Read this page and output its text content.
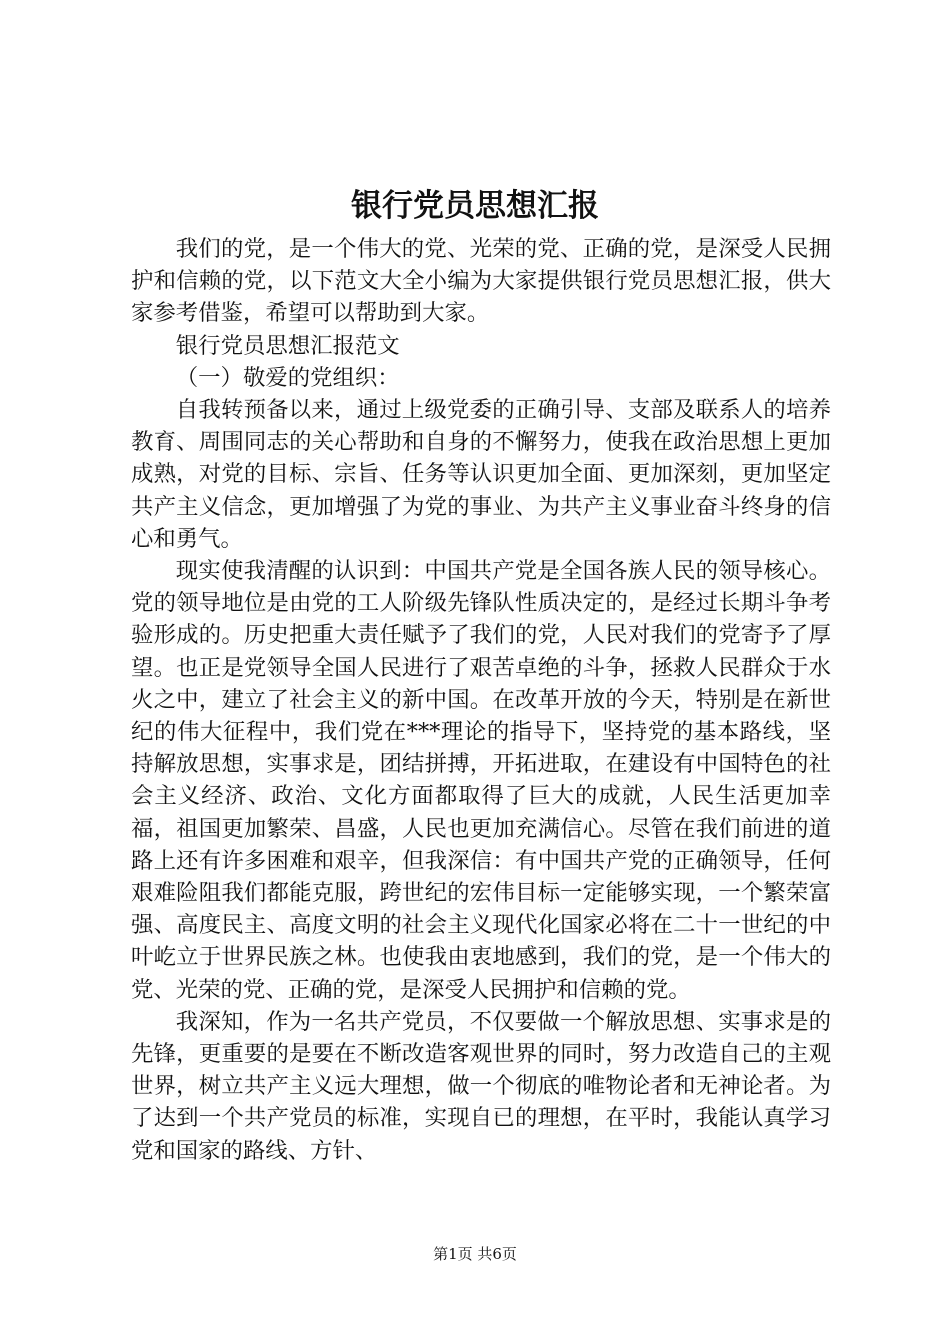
银行党员思想汇报

我们的党，是一个伟大的党、光荣的党、正确的党，是深受人民拥护和信赖的党，以下范文大全小编为大家提供银行党员思想汇报，供大家参考借鉴，希望可以帮助到大家。

银行党员思想汇报范文

（一）敬爱的党组织：

自我转预备以来，通过上级党委的正确引导、支部及联系人的培养教育、周围同志的关心帮助和自身的不懈努力，使我在政治思想上更加成熟，对党的目标、宗旨、任务等认识更加全面、更加深刻，更加坚定共产主义信念，更加增强了为党的事业、为共产主义事业奋斗终身的信心和勇气。

现实使我清醒的认识到：中国共产党是全国各族人民的领导核心。党的领导地位是由党的工人阶级先锋队性质决定的，是经过长期斗争考验形成的。历史把重大责任赋予了我们的党，人民对我们的党寄予了厚望。也正是党领导全国人民进行了艰苦卓绝的斗争，拯救人民群众于水火之中，建立了社会主义的新中国。在改革开放的今天，特别是在新世纪的伟大征程中，我们党在***理论的指导下，坚持党的基本路线，坚持解放思想，实事求是，团结拼搏，开拓进取，在建设有中国特色的社会主义经济、政治、文化方面都取得了巨大的成就，人民生活更加幸福，祖国更加繁荣、昌盛，人民也更加充满信心。尽管在我们前进的道路上还有许多困难和艰辛，但我深信：有中国共产党的正确领导，任何艰难险阻我们都能克服，跨世纪的宏伟目标一定能够实现，一个繁荣富强、高度民主、高度文明的社会主义现代化国家必将在二十一世纪的中叶屹立于世界民族之林。也使我由衷地感到，我们的党，是一个伟大的党、光荣的党、正确的党，是深受人民拥护和信赖的党。

我深知，作为一名共产党员，不仅要做一个解放思想、实事求是的先锋，更重要的是要在不断改造客观世界的同时，努力改造自己的主观世界，树立共产主义远大理想，做一个彻底的唯物论者和无神论者。为了达到一个共产党员的标准，实现自已的理想，在平时，我能认真学习党和国家的路线、方针、

第1页 共6页
